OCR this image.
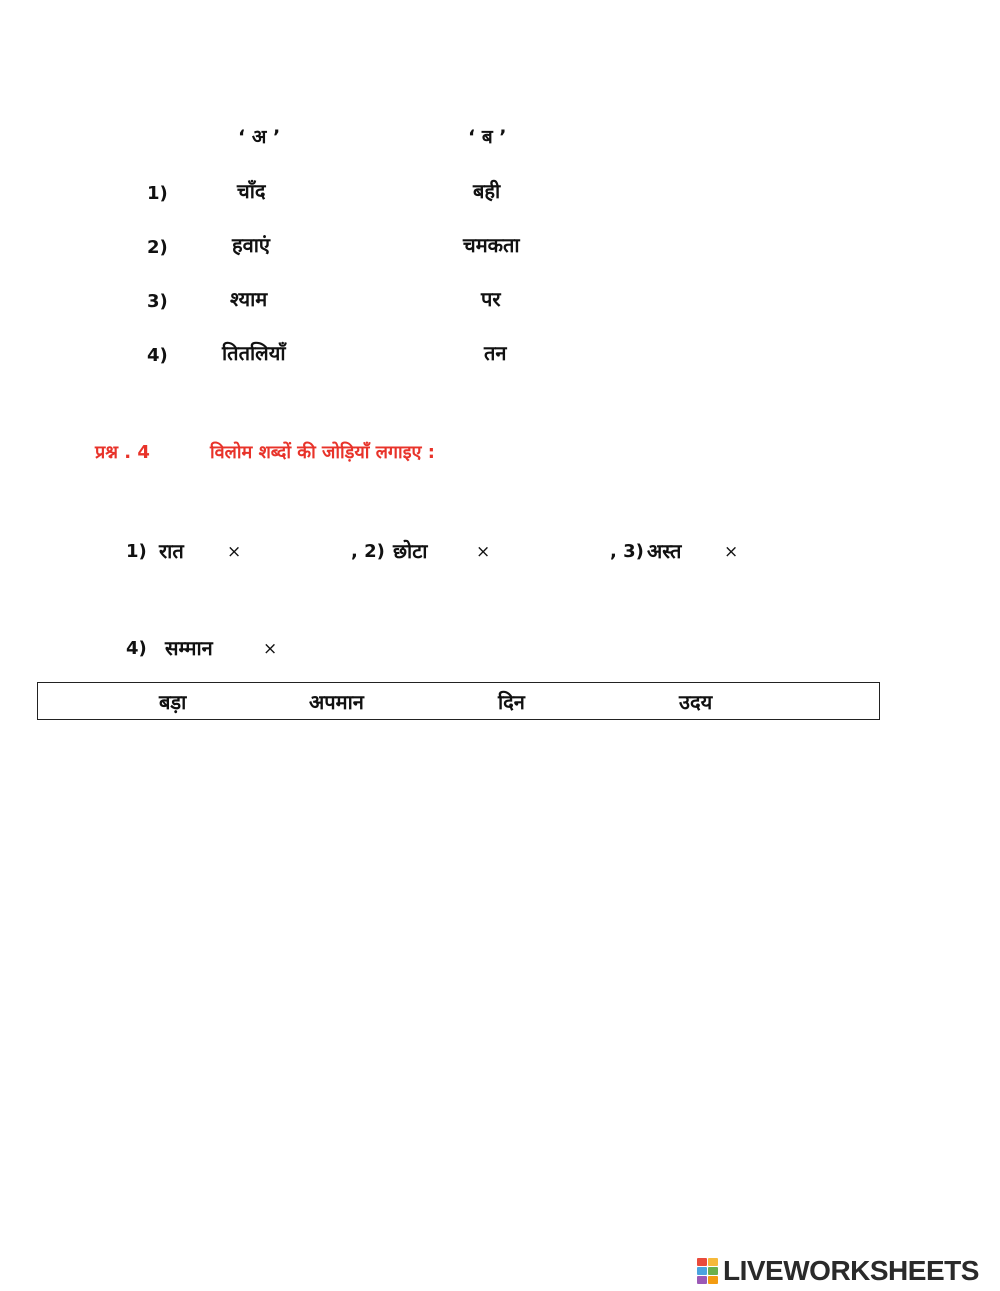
‘ अ ’	‘ ब ’
1)	चाँद	बही
2)	हवाएं	चमकता
3)	श्याम	पर
4)	तितलियाँ	तन
प्रश्न . 4	विलोम शब्दों की जोड़ियाँ लगाइए :
1) रात	×	, 2) छोटा	×	, 3) अस्त	×
4) सम्मान	×
बड़ा	अपमान	दिन	उदय
LIVEWORKSHEETS
